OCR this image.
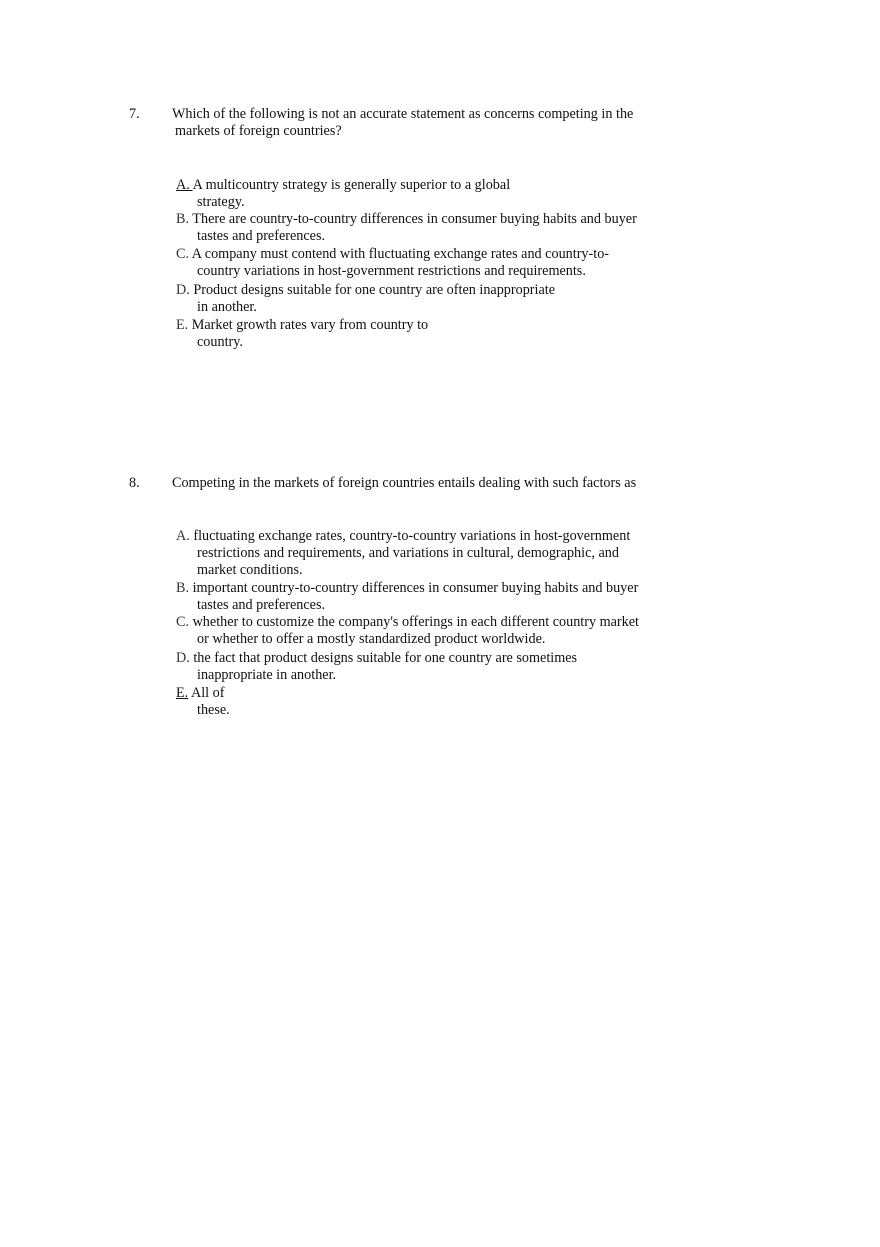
7. Which of the following is not an accurate statement as concerns competing in the
markets of foreign countries?
A. A multicountry strategy is generally superior to a global
strategy.
B. There are country-to-country differences in consumer buying habits and buyer
tastes and preferences.
C. A company must contend with fluctuating exchange rates and country-to-
country variations in host-government restrictions and requirements.
D. Product designs suitable for one country are often inappropriate
in another.
E. Market growth rates vary from country to
country.
8. Competing in the markets of foreign countries entails dealing with such factors as
A. fluctuating exchange rates, country-to-country variations in host-government
restrictions and requirements, and variations in cultural, demographic, and
market conditions.
B. important country-to-country differences in consumer buying habits and buyer
tastes and preferences.
C. whether to customize the company's offerings in each different country market
or whether to offer a mostly standardized product worldwide.
D. the fact that product designs suitable for one country are sometimes
inappropriate in another.
E. All of
these.
